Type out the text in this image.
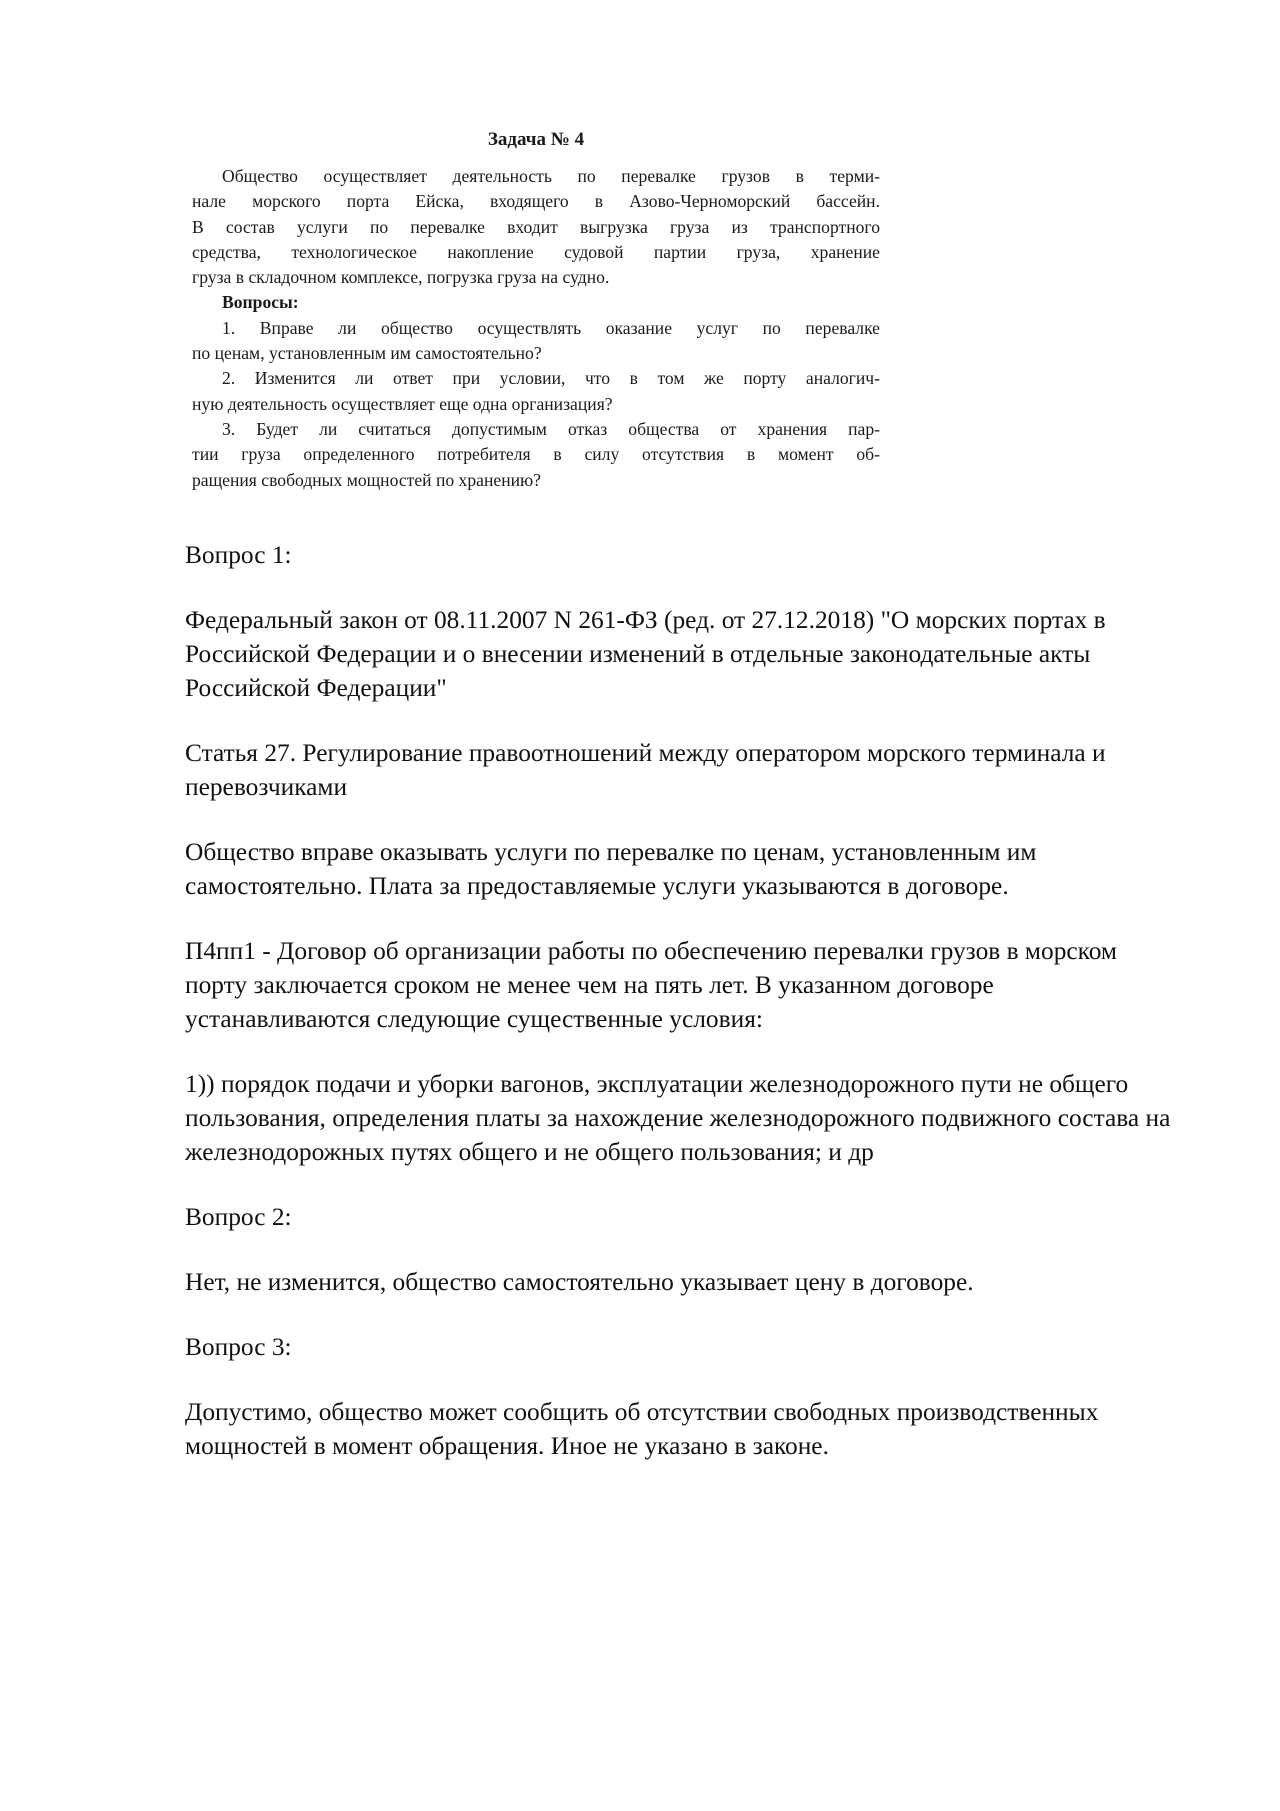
Задача № 4
Общество осуществляет деятельность по перевалке грузов в терми-
нале морского порта Ейска, входящего в Азово-Черноморский бассейн.
В состав услуги по перевалке входит выгрузка груза из транспортного
средства, технологическое накопление судовой партии груза, хранение
груза в складочном комплексе, погрузка груза на судно.
Вопросы:
1. Вправе ли общество осуществлять оказание услуг по перевалке
по ценам, установленным им самостоятельно?
2. Изменится ли ответ при условии, что в том же порту аналогич-
ную деятельность осуществляет еще одна организация?
3. Будет ли считаться допустимым отказ общества от хранения пар-
тии груза определенного потребителя в силу отсутствия в момент об-
ращения свободных мощностей по хранению?

Вопрос 1:

Федеральный закон от 08.11.2007 N 261-ФЗ (ред. от 27.12.2018) "О морских портах в Российской Федерации и о внесении изменений в отдельные законодательные акты Российской Федерации"

Статья 27. Регулирование правоотношений между оператором морского терминала и перевозчиками

Общество вправе оказывать услуги по перевалке по ценам, установленным им самостоятельно. Плата за предоставляемые услуги указываются в договоре.

П4пп1 - Договор об организации работы по обеспечению перевалки грузов в морском порту заключается сроком не менее чем на пять лет. В указанном договоре устанавливаются следующие существенные условия:

1)) порядок подачи и уборки вагонов, эксплуатации железнодорожного пути не общего пользования, определения платы за нахождение железнодорожного подвижного состава на железнодорожных путях общего и не общего пользования; и др

Вопрос 2:

Нет, не изменится, общество самостоятельно указывает цену в договоре.

Вопрос 3:

Допустимо, общество может сообщить об отсутствии свободных производственных мощностей в момент обращения. Иное не указано в законе.
